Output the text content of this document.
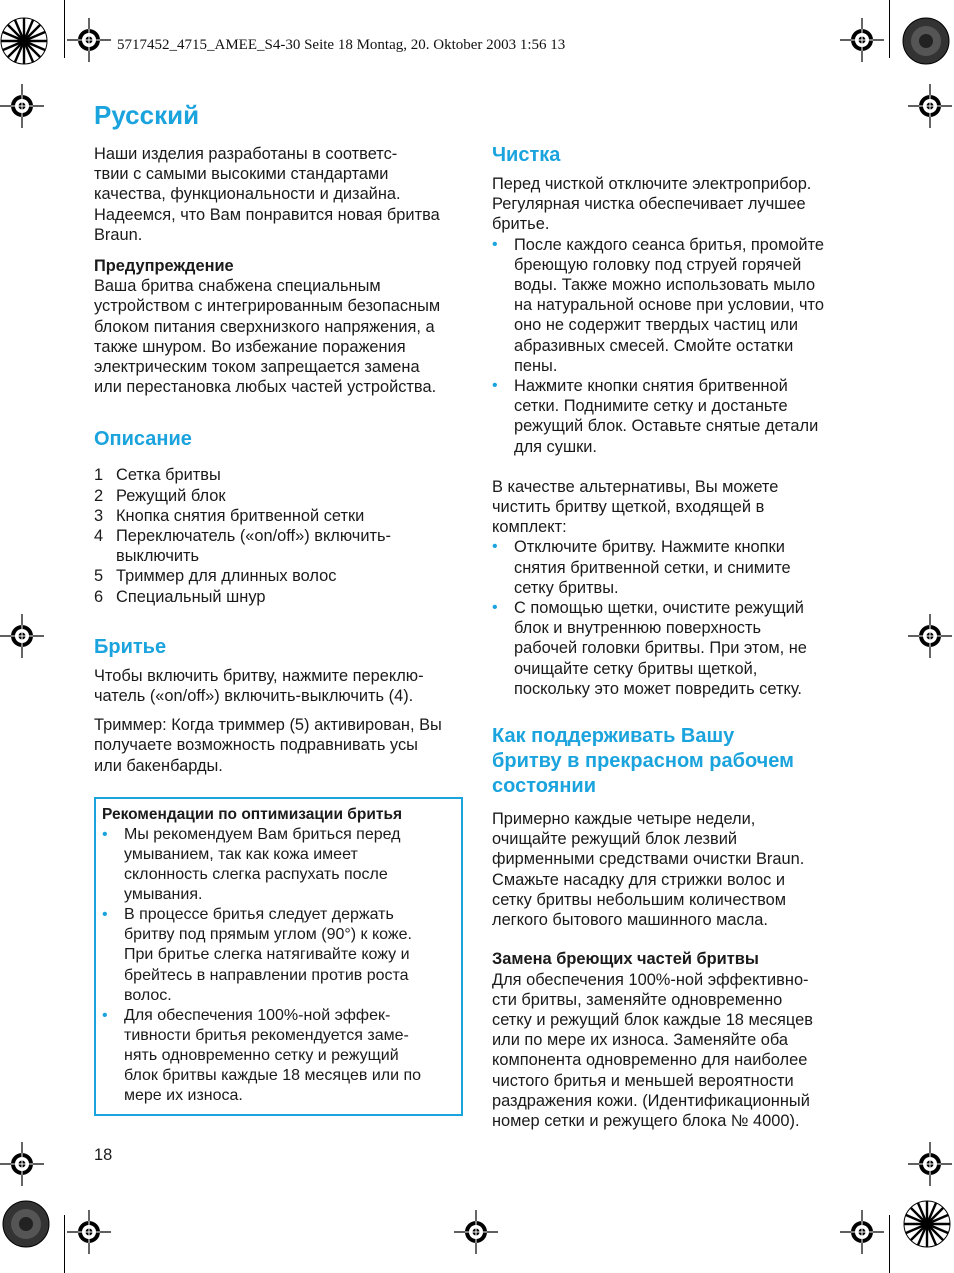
5717452_4715_AMEE_S4-30 Seite 18 Montag, 20. Oktober 2003 1:56 13
Русский

Наши изделия разработаны в соответс-
твии с самыми высокими стандартами
качества, функциональности и дизайна.
Надеемся, что Вам понравится новая бритва
Braun.

Предупреждение

Ваша бритва снабжена специальным
устройством с интегрированным безопасным
блоком питания сверхнизкого напряжения, а
также шнуром. Во избежание поражения
электрическим током запрещается замена
или перестановка любых частей устройства.

Описание
1 Сетка бритвы
2 Режущий блок
3 Кнопка снятия бритвенной сетки
4 Переключатель («on/off») включить-
выключить
5 Триммер для длинных волос
6 Специальный шнур
Бритье

Чтобы включить бритву, нажмите переклю-
чатель («on/off») включить-выключить (4).

Триммер: Когда триммер (5) активирован, Вы
получаете возможность подравнивать усы
или бакенбарды.

Рекомендации по оптимизации бритья

• Мы рекомендуем Вам бриться перед
умыванием, так как кожа имеет
склонность слегка распухать после
умывания.
• В процессе бритья следует держать
бритву под прямым углом (90°) к коже.
При бритье слегка натягивайте кожу и
брейтесь в направлении против роста
волос.
• Для обеспечения 100%-ной эффек-
тивности бритья рекомендуется заме-
нять одновременно сетку и режущий
блок бритвы каждые 18 месяцев или по
мере их износа.
Чистка

Перед чисткой отключите электроприбор.
Регулярная чистка обеспечивает лучшее
бритье.

• После каждого сеанса бритья, промойте
бреющую головку под струей горячей
воды. Также можно использовать мыло
на натуральной основе при условии, что
оно не содержит твердых частиц или
абразивных смесей. Смойте остатки
пены.
• Нажмите кнопки снятия бритвенной
сетки. Поднимите сетку и достаньте
режущий блок. Оставьте снятые детали
для сушки.

В качестве альтернативы, Вы можете
чистить бритву щеткой, входящей в
комплект:

• Отключите бритву. Нажмите кнопки
снятия бритвенной сетки, и снимите
сетку бритвы.
• С помощью щетки, очистите режущий
блок и внутреннюю поверхность
рабочей головки бритвы. При этом, не
очищайте сетку бритвы щеткой,
поскольку это может повредить сетку.
Как поддерживать Вашу
бритву в прекрасном рабочем
состоянии

Примерно каждые четыре недели,
очищайте режущий блок лезвий
фирменными средствами очистки Braun.
Смажьте насадку для стрижки волос и
сетку бритвы небольшим количеством
легкого бытового машинного масла.

Замена бреющих частей бритвы

Для обеспечения 100%-ной эффективно-
сти бритвы, заменяйте одновременно
сетку и режущий блок каждые 18 месяцев
или по мере их износа. Заменяйте оба
компонента одновременно для наиболее
чистого бритья и меньшей вероятности
раздражения кожи. (Идентификационный
номер сетки и режущего блока № 4000).

18
